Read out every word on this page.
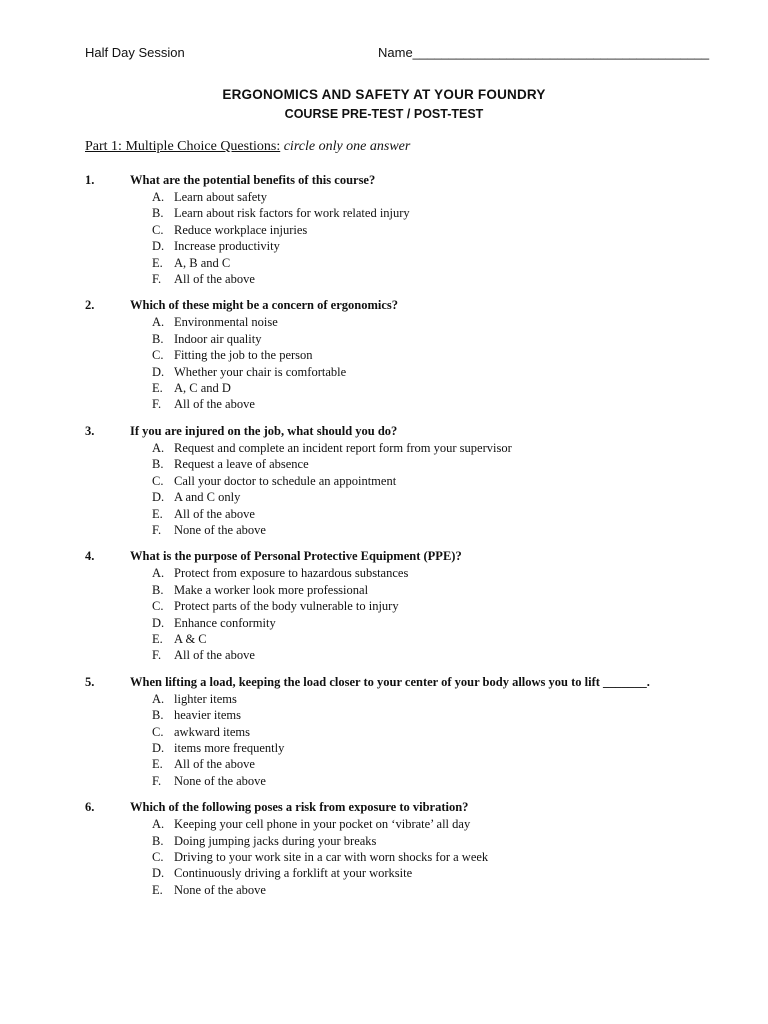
Half Day Session	Name_________________________________________
ERGONOMICS AND SAFETY AT YOUR FOUNDRY
COURSE PRE-TEST / POST-TEST
Part 1: Multiple Choice Questions: circle only one answer
1.	What are the potential benefits of this course?
A. Learn about safety
B. Learn about risk factors for work related injury
C. Reduce workplace injuries
D. Increase productivity
E. A, B and C
F.	All of the above
2.	Which of these might be a concern of ergonomics?
A. Environmental noise
B. Indoor air quality
C. Fitting the job to the person
D. Whether your chair is comfortable
E. A, C and D
F.	All of the above
3.	If you are injured on the job, what should you do?
A. Request and complete an incident report form from your supervisor
B. Request a leave of absence
C. Call your doctor to schedule an appointment
D. A and C only
E. All of the above
F.	None of the above
4.	What is the purpose of Personal Protective Equipment (PPE)?
A. Protect from exposure to hazardous substances
B. Make a worker look more professional
C. Protect parts of the body vulnerable to injury
D. Enhance conformity
E. A & C
F.	All of the above
5.	When lifting a load, keeping the load closer to your center of your body allows you to lift _______.
A. lighter items
B. heavier items
C. awkward items
D. items more frequently
E. All of the above
F.	None of the above
6.	Which of the following poses a risk from exposure to vibration?
A. Keeping your cell phone in your pocket on ‘vibrate’ all day
B. Doing jumping jacks during your breaks
C. Driving to your work site in a car with worn shocks for a week
D. Continuously driving a forklift at your worksite
E. None of the above
